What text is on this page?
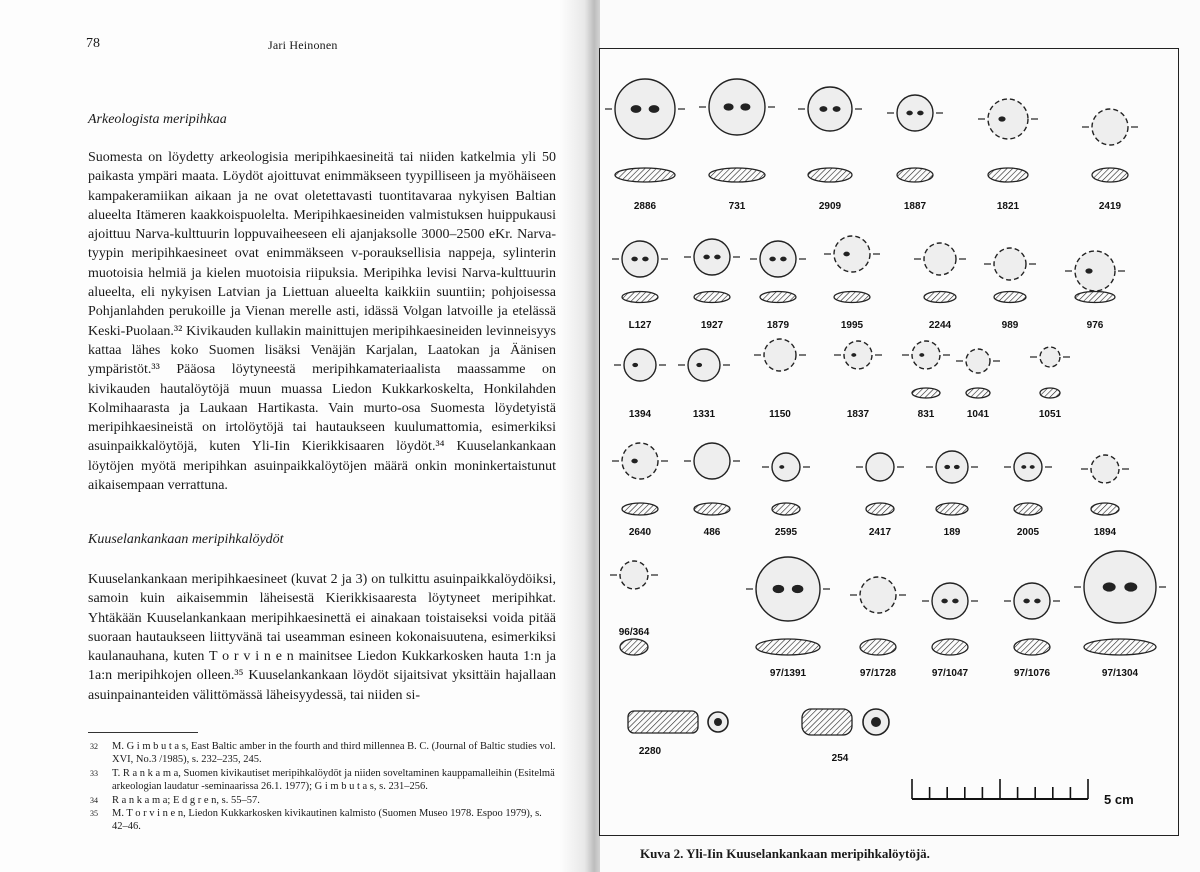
78	Jari Heinonen
Arkeologista meripihkaa

Suomesta on löydetty arkeologisia meripihkaesineitä tai niiden katkelmia yli 50 paikasta ympäri maata. Löydöt ajoittuvat enimmäkseen tyypilliseen ja myöhäiseen kampakeramiikan aikaan ja ne ovat oletettavasti tuontitavaraa nykyisen Baltian alueelta Itämeren kaakkoispuolelta. Meripihkaesineiden valmistuksen huippukausi ajoittuu Narva-kulttuurin loppuvaiheeseen eli ajanjaksolle 3000–2500 eKr. Narva-tyypin meripihkaesineet ovat enimmäkseen v-porauksellisia nappeja, sylinterin muotoisia helmiä ja kielen muotoisia riipuksia. Meripihka levisi Narva-kulttuurin alueelta, eli nykyisen Latvian ja Liettuan alueelta kaikkiin suuntiin; pohjoisessa Pohjanlahden perukoille ja Vienan merelle asti, idässä Volgan latvoille ja etelässä Keski-Puolaan.³² Kivikauden kullakin mainittujen meripihkaesineiden levinneisyys kattaa lähes koko Suomen lisäksi Venäjän Karjalan, Laatokan ja Äänisen ympäristöt.³³ Pääosa löytyneestä meripihkamateriaalista maassamme on kivikauden hautalöytöjä muun muassa Liedon Kukkarkoskelta, Honkilahden Kolmihaarasta ja Laukaan Hartikasta. Vain murto-osa Suomesta löydetyistä meripihkaesineistä on irtolöytöjä tai hautaukseen kuulumattomia, esimerkiksi asuinpaikkalöytöjä, kuten Yli-Iin Kierikkisaaren löydöt.³⁴ Kuuselankankaan löytöjen myötä meripihkan asuinpaikkalöytöjen määrä onkin moninkertaistunut aikaisempaan verrattuna.

Kuuselankankaan meripihkalöydöt

Kuuselankankaan meripihkaesineet (kuvat 2 ja 3) on tulkittu asuinpaikkalöydöiksi, samoin kuin aikaisemmin läheisestä Kierikkisaaresta löytyneet meripihkat. Yhtäkään Kuuselankankaan meripihkaesinettä ei ainakaan toistaiseksi voida pitää suoraan hautaukseen liittyvänä tai useamman esineen kokonaisuutena, esimerkiksi kaulanauhana, kuten T o r v i n e n mainitsee Liedon Kukkarkosken hauta 1:n ja 1a:n meripihkojen olleen.³⁵ Kuuselankankaan löydöt sijaitsivat yksittäin hajallaan asuinpainanteiden välittömässä läheisyydessä, tai niiden si-

32	M. G i m b u t a s, East Baltic amber in the fourth and third millennea B. C. (Journal of Baltic studies vol. XVI, No.3 /1985), s. 232–235, 245.

33	T. R a n k a m a, Suomen kivikautiset meripihkalöydöt ja niiden soveltaminen kauppamalleihin (Esitelmä arkeologian laudatur -seminaarissa 26.1. 1977); G i m b u t a s, s. 231–256.

34	R a n k a m a; E d g r e n, s. 55–57.

35	M. T o r v i n e n, Liedon Kukkarkosken kivikautinen kalmisto (Suomen Museo 1978. Espoo 1979), s. 42–46.

2886	731	2909	1887	1821	2419
L127	1927	1879	1995	2244	989	976
1394	1331	1150	1837	831	1041	1051
2640	486	2595	2417	189	2005	1894
96/364
97/1391	97/1728	97/1047	97/1076	97/1304
2280
254
5 cm
Kuva 2. Yli-Iin Kuuselankankaan meripihkalöytöjä.
